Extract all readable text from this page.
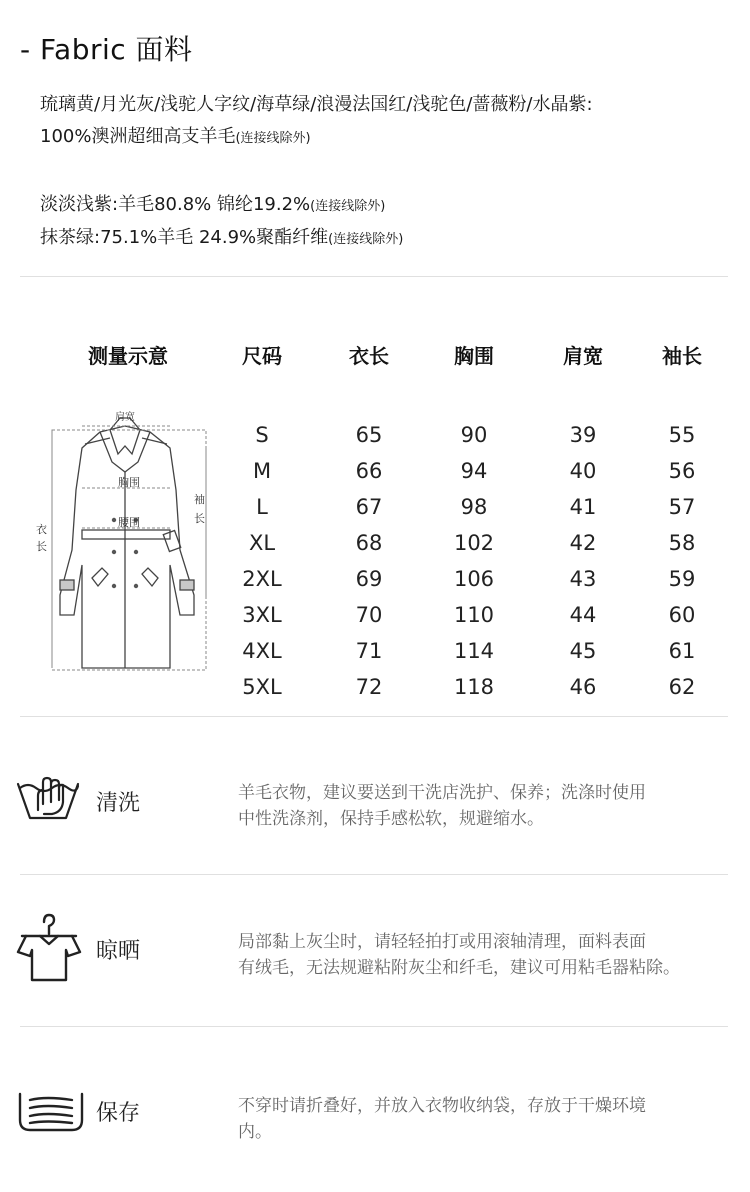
- Fabric 面料
琉璃黄/月光灰/浅驼人字纹/海草绿/浪漫法国红/浅驼色/蔷薇粉/水晶紫:
100%澳洲超细高支羊毛(连接线除外)
淡淡浅紫:羊毛80.8% 锦纶19.2%(连接线除外)
抹茶绿:75.1%羊毛 24.9%聚酯纤维(连接线除外)
测量示意	尺码	衣长	胸围	肩宽	袖长
肩宽
胸围
腰围
袖
长
衣
长
S	65	90	39	55
M	66	94	40	56
L	67	98	41	57
XL	68	102	42	58
2XL	69	106	43	59
3XL	70	110	44	60
4XL	71	114	45	61
5XL	72	118	46	62
清洗	羊毛衣物，建议要送到干洗店洗护、保养；洗涤时使用
中性洗涤剂，保持手感松软，规避缩水。
晾晒	局部黏上灰尘时，请轻轻拍打或用滚轴清理，面料表面
有绒毛，无法规避粘附灰尘和纤毛，建议可用粘毛器粘除。
保存	不穿时请折叠好，并放入衣物收纳袋，存放于干燥环境
内。
